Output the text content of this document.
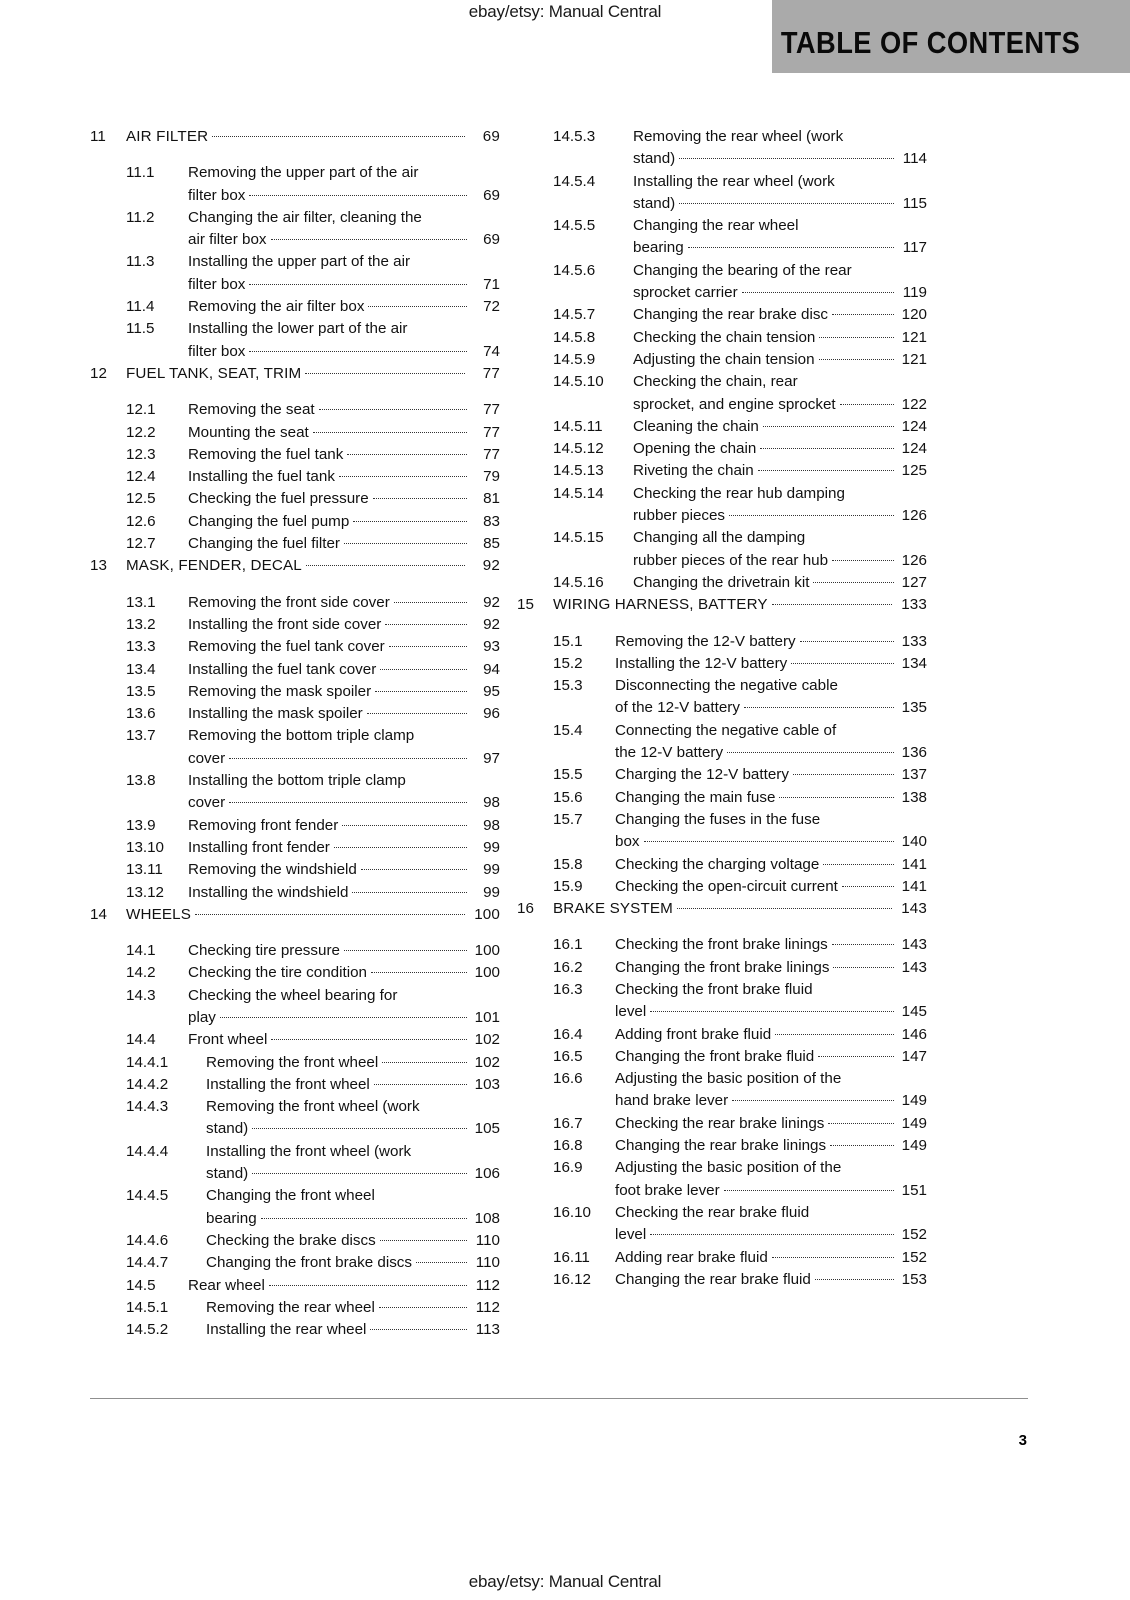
ebay/etsy: Manual Central
TABLE OF CONTENTS
11	AIR FILTER	69
11.1	Removing the upper part of the air
filter box	69
11.2	Changing the air filter, cleaning the
air filter box	69
11.3	Installing the upper part of the air
filter box	71
11.4	Removing the air filter box	72
11.5	Installing the lower part of the air
filter box	74
12	FUEL TANK, SEAT, TRIM	77
12.1	Removing the seat	77
12.2	Mounting the seat	77
12.3	Removing the fuel tank	77
12.4	Installing the fuel tank	79
12.5	Checking the fuel pressure	81
12.6	Changing the fuel pump	83
12.7	Changing the fuel filter	85
13	MASK, FENDER, DECAL	92
13.1	Removing the front side cover	92
13.2	Installing the front side cover	92
13.3	Removing the fuel tank cover	93
13.4	Installing the fuel tank cover	94
13.5	Removing the mask spoiler	95
13.6	Installing the mask spoiler	96
13.7	Removing the bottom triple clamp
cover	97
13.8	Installing the bottom triple clamp
cover	98
13.9	Removing front fender	98
13.10	Installing front fender	99
13.11	Removing the windshield	99
13.12	Installing the windshield	99
14	WHEELS	100
14.1	Checking tire pressure	100
14.2	Checking the tire condition	100
14.3	Checking the wheel bearing for
play	101
14.4	Front wheel	102
14.4.1	Removing the front wheel	102
14.4.2	Installing the front wheel	103
14.4.3	Removing the front wheel (work
stand)	105
14.4.4	Installing the front wheel (work
stand)	106
14.4.5	Changing the front wheel
bearing	108
14.4.6	Checking the brake discs	110
14.4.7	Changing the front brake discs	110
14.5	Rear wheel	112
14.5.1	Removing the rear wheel	112
14.5.2	Installing the rear wheel	113
14.5.3	Removing the rear wheel (work
stand)	114
14.5.4	Installing the rear wheel (work
stand)	115
14.5.5	Changing the rear wheel
bearing	117
14.5.6	Changing the bearing of the rear
sprocket carrier	119
14.5.7	Changing the rear brake disc	120
14.5.8	Checking the chain tension	121
14.5.9	Adjusting the chain tension	121
14.5.10	Checking the chain, rear
sprocket, and engine sprocket	122
14.5.11	Cleaning the chain	124
14.5.12	Opening the chain	124
14.5.13	Riveting the chain	125
14.5.14	Checking the rear hub damping
rubber pieces	126
14.5.15	Changing all the damping
rubber pieces of the rear hub	126
14.5.16	Changing the drivetrain kit	127
15	WIRING HARNESS, BATTERY	133
15.1	Removing the 12-V battery	133
15.2	Installing the 12-V battery	134
15.3	Disconnecting the negative cable
of the 12-V battery	135
15.4	Connecting the negative cable of
the 12-V battery	136
15.5	Charging the 12-V battery	137
15.6	Changing the main fuse	138
15.7	Changing the fuses in the fuse
box	140
15.8	Checking the charging voltage	141
15.9	Checking the open-circuit current	141
16	BRAKE SYSTEM	143
16.1	Checking the front brake linings	143
16.2	Changing the front brake linings	143
16.3	Checking the front brake fluid
level	145
16.4	Adding front brake fluid	146
16.5	Changing the front brake fluid	147
16.6	Adjusting the basic position of the
hand brake lever	149
16.7	Checking the rear brake linings	149
16.8	Changing the rear brake linings	149
16.9	Adjusting the basic position of the
foot brake lever	151
16.10	Checking the rear brake fluid
level	152
16.11	Adding rear brake fluid	152
16.12	Changing the rear brake fluid	153
3
ebay/etsy: Manual Central
